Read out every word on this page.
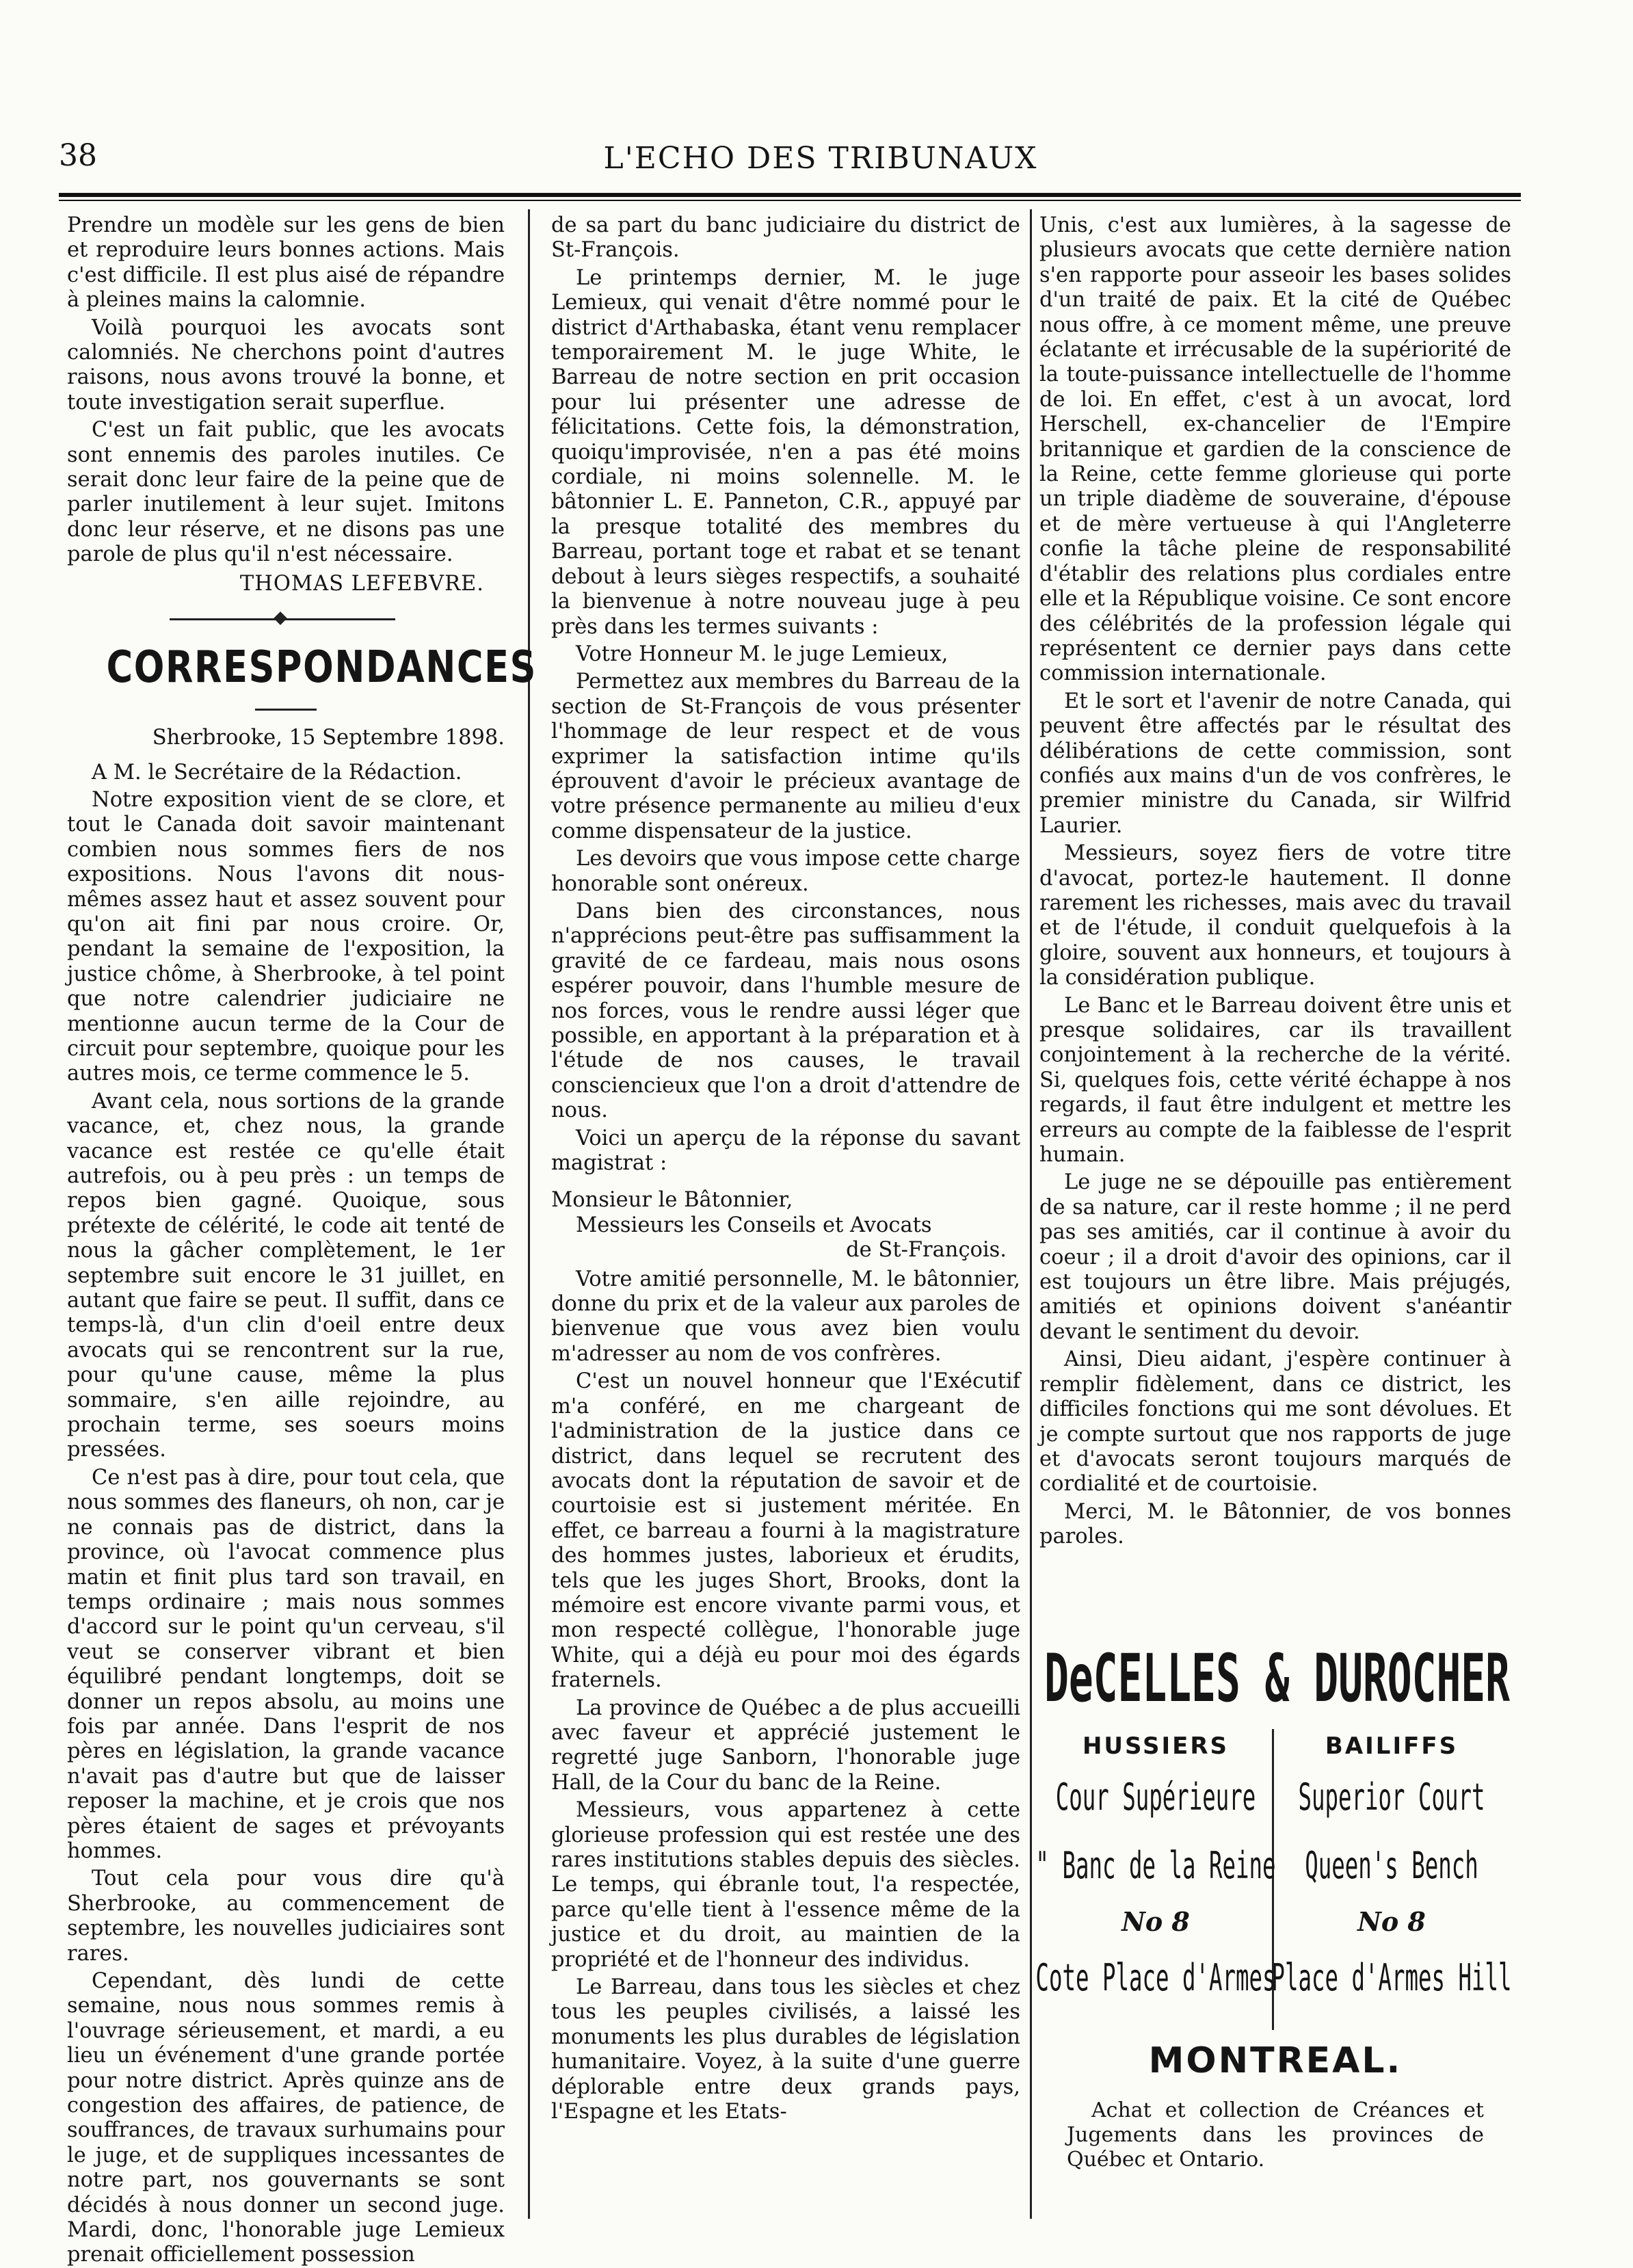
38	L'ECHO DES TRIBUNAUX

Prendre un modèle sur les gens de bien et reproduire leurs bonnes actions. Mais c'est difficile. Il est plus aisé de répandre à pleines mains la calomnie.

Voilà pourquoi les avocats sont calomniés. Ne cherchons point d'autres raisons, nous avons trouvé la bonne, et toute investigation serait superflue.

C'est un fait public, que les avocats sont ennemis des paroles inutiles. Ce serait donc leur faire de la peine que de parler inutilement à leur sujet. Imitons donc leur réserve, et ne disons pas une parole de plus qu'il n'est nécessaire.

THOMAS LEFEBVRE.
CORRESPONDANCES
Sherbrooke, 15 Septembre 1898.

A M. le Secrétaire de la Rédaction.

Notre exposition vient de se clore, et tout le Canada doit savoir maintenant combien nous sommes fiers de nos expositions. Nous l'avons dit nous-mêmes assez haut et assez souvent pour qu'on ait fini par nous croire. Or, pendant la semaine de l'exposition, la justice chôme, à Sherbrooke, à tel point que notre calendrier judiciaire ne mentionne aucun terme de la Cour de circuit pour septembre, quoique pour les autres mois, ce terme commence le 5.

Avant cela, nous sortions de la grande vacance, et, chez nous, la grande vacance est restée ce qu'elle était autrefois, ou à peu près : un temps de repos bien gagné. Quoique, sous prétexte de célérité, le code ait tenté de nous la gâcher complètement, le 1er septembre suit encore le 31 juillet, en autant que faire se peut. Il suffit, dans ce temps-là, d'un clin d'oeil entre deux avocats qui se rencontrent sur la rue, pour qu'une cause, même la plus sommaire, s'en aille rejoindre, au prochain terme, ses soeurs moins pressées.

Ce n'est pas à dire, pour tout cela, que nous sommes des flaneurs, oh non, car je ne connais pas de district, dans la province, où l'avocat commence plus matin et finit plus tard son travail, en temps ordinaire ; mais nous sommes d'accord sur le point qu'un cerveau, s'il veut se conserver vibrant et bien équilibré pendant longtemps, doit se donner un repos absolu, au moins une fois par année. Dans l'esprit de nos pères en législation, la grande vacance n'avait pas d'autre but que de laisser reposer la machine, et je crois que nos pères étaient de sages et prévoyants hommes.

Tout cela pour vous dire qu'à Sherbrooke, au commencement de septembre, les nouvelles judiciaires sont rares.

Cependant, dès lundi de cette semaine, nous nous sommes remis à l'ouvrage sérieusement, et mardi, a eu lieu un événement d'une grande portée pour notre district. Après quinze ans de congestion des affaires, de patience, de souffrances, de travaux surhumains pour le juge, et de suppliques incessantes de notre part, nos gouvernants se sont décidés à nous donner un second juge. Mardi, donc, l'honorable juge Lemieux prenait officiellement possession

de sa part du banc judiciaire du district de St-François.

Le printemps dernier, M. le juge Lemieux, qui venait d'être nommé pour le district d'Arthabaska, étant venu remplacer temporairement M. le juge White, le Barreau de notre section en prit occasion pour lui présenter une adresse de félicitations. Cette fois, la démonstration, quoiqu'improvisée, n'en a pas été moins cordiale, ni moins solennelle. M. le bâtonnier L. E. Panneton, C.R., appuyé par la presque totalité des membres du Barreau, portant toge et rabat et se tenant debout à leurs sièges respectifs, a souhaité la bienvenue à notre nouveau juge à peu près dans les termes suivants :

Votre Honneur M. le juge Lemieux,

Permettez aux membres du Barreau de la section de St-François de vous présenter l'hommage de leur respect et de vous exprimer la satisfaction intime qu'ils éprouvent d'avoir le précieux avantage de votre présence permanente au milieu d'eux comme dispensateur de la justice.

Les devoirs que vous impose cette charge honorable sont onéreux.

Dans bien des circonstances, nous n'apprécions peut-être pas suffisamment la gravité de ce fardeau, mais nous osons espérer pouvoir, dans l'humble mesure de nos forces, vous le rendre aussi léger que possible, en apportant à la préparation et à l'étude de nos causes, le travail consciencieux que l'on a droit d'attendre de nous.

Voici un aperçu de la réponse du savant magistrat :

Monsieur le Bâtonnier,
Messieurs les Conseils et Avocats
de St-François.

Votre amitié personnelle, M. le bâtonnier, donne du prix et de la valeur aux paroles de bienvenue que vous avez bien voulu m'adresser au nom de vos confrères.

C'est un nouvel honneur que l'Exécutif m'a conféré, en me chargeant de l'administration de la justice dans ce district, dans lequel se recrutent des avocats dont la réputation de savoir et de courtoisie est si justement méritée. En effet, ce barreau a fourni à la magistrature des hommes justes, laborieux et érudits, tels que les juges Short, Brooks, dont la mémoire est encore vivante parmi vous, et mon respecté collègue, l'honorable juge White, qui a déjà eu pour moi des égards fraternels.

La province de Québec a de plus accueilli avec faveur et apprécié justement le regretté juge Sanborn, l'honorable juge Hall, de la Cour du banc de la Reine.

Messieurs, vous appartenez à cette glorieuse profession qui est restée une des rares institutions stables depuis des siècles. Le temps, qui ébranle tout, l'a respectée, parce qu'elle tient à l'essence même de la justice et du droit, au maintien de la propriété et de l'honneur des individus.

Le Barreau, dans tous les siècles et chez tous les peuples civilisés, a laissé les monuments les plus durables de législation humanitaire. Voyez, à la suite d'une guerre déplorable entre deux grands pays, l'Espagne et les Etats-

Unis, c'est aux lumières, à la sagesse de plusieurs avocats que cette dernière nation s'en rapporte pour asseoir les bases solides d'un traité de paix. Et la cité de Québec nous offre, à ce moment même, une preuve éclatante et irrécusable de la supériorité de la toute-puissance intellectuelle de l'homme de loi. En effet, c'est à un avocat, lord Herschell, ex-chancelier de l'Empire britannique et gardien de la conscience de la Reine, cette femme glorieuse qui porte un triple diadème de souveraine, d'épouse et de mère vertueuse à qui l'Angleterre confie la tâche pleine de responsabilité d'établir des relations plus cordiales entre elle et la République voisine. Ce sont encore des célébrités de la profession légale qui représentent ce dernier pays dans cette commission internationale.

Et le sort et l'avenir de notre Canada, qui peuvent être affectés par le résultat des délibérations de cette commission, sont confiés aux mains d'un de vos confrères, le premier ministre du Canada, sir Wilfrid Laurier.

Messieurs, soyez fiers de votre titre d'avocat, portez-le hautement. Il donne rarement les richesses, mais avec du travail et de l'étude, il conduit quelquefois à la gloire, souvent aux honneurs, et toujours à la considération publique.

Le Banc et le Barreau doivent être unis et presque solidaires, car ils travaillent conjointement à la recherche de la vérité. Si, quelques fois, cette vérité échappe à nos regards, il faut être indulgent et mettre les erreurs au compte de la faiblesse de l'esprit humain.

Le juge ne se dépouille pas entièrement de sa nature, car il reste homme ; il ne perd pas ses amitiés, car il continue à avoir du coeur ; il a droit d'avoir des opinions, car il est toujours un être libre. Mais préjugés, amitiés et opinions doivent s'anéantir devant le sentiment du devoir.

Ainsi, Dieu aidant, j'espère continuer à remplir fidèlement, dans ce district, les difficiles fonctions qui me sont dévolues. Et je compte surtout que nos rapports de juge et d'avocats seront toujours marqués de cordialité et de courtoisie.

Merci, M. le Bâtonnier, de vos bonnes paroles.

DeCELLES & DUROCHER
HUSSIERS
Cour Supérieure
" Banc de la Reine
No 8
Cote Place d'Armes
BAILIFFS
Superior Court
Queen's Bench
No 8
Place d'Armes Hill
MONTREAL.
Achat et collection de Créances et Jugements dans les provinces de Québec et Ontario.
